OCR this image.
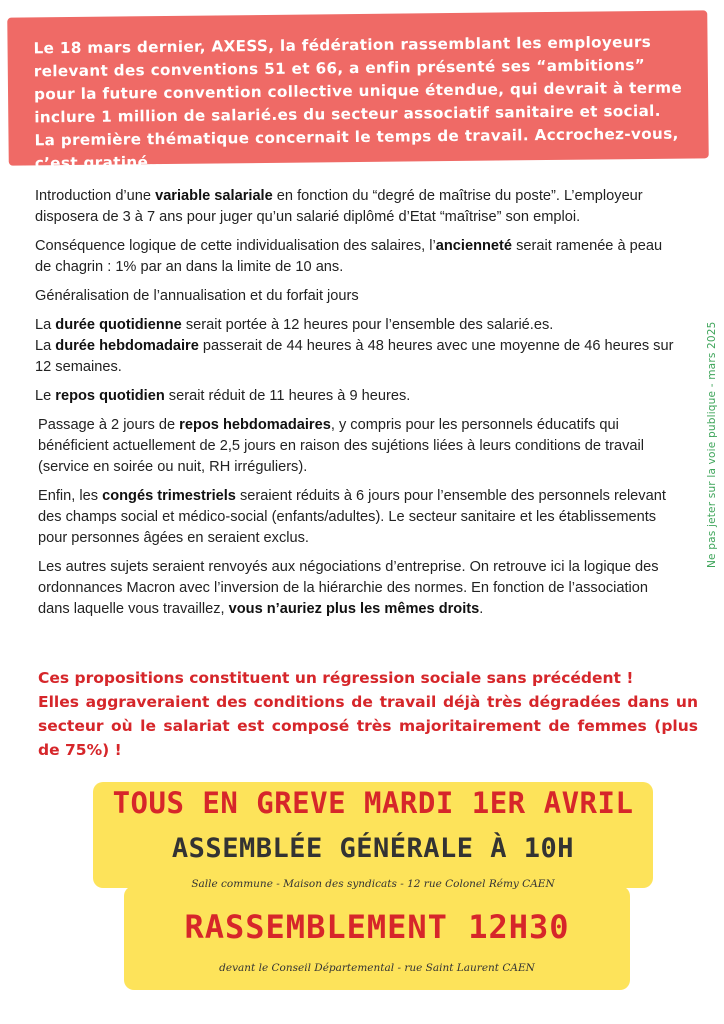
Le 18 mars dernier, AXESS, la fédération rassemblant les employeurs relevant des conventions 51 et 66, a enfin présenté ses “ambitions” pour la future convention collective unique étendue, qui devrait à terme inclure 1 million de salarié.es du secteur associatif sanitaire et social. La première thématique concernait le temps de travail. Accrochez-vous, c’est gratiné...

Introduction d’une variable salariale en fonction du “degré de maîtrise du poste”. L’employeur disposera de 3 à 7 ans pour juger qu’un salarié diplômé d’Etat “maîtrise” son emploi.

Conséquence logique de cette individualisation des salaires, l’ancienneté serait ramenée à peau de chagrin : 1% par an dans la limite de 10 ans.

Généralisation de l’annualisation et du forfait jours

La durée quotidienne serait portée à 12 heures pour l’ensemble des salarié.es.
La durée hebdomadaire passerait de 44 heures à 48 heures avec une moyenne de 46 heures sur 12 semaines.

Le repos quotidien serait réduit de 11 heures à 9 heures.

Passage à 2 jours de repos hebdomadaires, y compris pour les personnels éducatifs qui bénéficient actuellement de 2,5 jours en raison des sujétions liées à leurs conditions de travail (service en soirée ou nuit, RH irréguliers).

Enfin, les congés trimestriels seraient réduits à 6 jours pour l’ensemble des personnels relevant des champs social et médico-social (enfants/adultes). Le secteur sanitaire et les établissements pour personnes âgées en seraient exclus.

Les autres sujets seraient renvoyés aux négociations d’entreprise. On retrouve ici la logique des ordonnances Macron avec l’inversion de la hiérarchie des normes. En fonction de l’association dans laquelle vous travaillez, vous n’auriez plus les mêmes droits.

Ne pas jeter sur la voie publique - mars 2025

Ces propositions constituent un régression sociale sans précédent !

Elles aggraveraient des conditions de travail déjà très dégradées dans un secteur où le salariat est composé très majoritairement de femmes (plus de 75%) !

TOUS EN GREVE MARDI 1ER AVRIL
ASSEMBLÉE GÉNÉRALE À 10H
Salle commune - Maison des syndicats - 12 rue Colonel Rémy CAEN
RASSEMBLEMENT 12H30
devant le Conseil Départemental - rue Saint Laurent CAEN
